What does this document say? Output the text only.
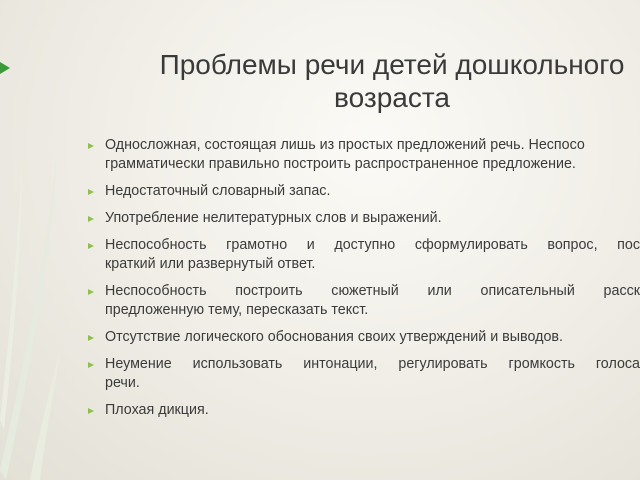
Проблемы речи детей дошкольного
возраста
Односложная, состоящая лишь из простых предложений речь. Неспосо
грамматически правильно построить распространенное предложение.
Недостаточный словарный запас.
Употребление нелитературных слов и выражений.
Неспособность грамотно и доступно сформулировать вопрос, пос
краткий или развернутый ответ.
Неспособность построить сюжетный или описательный расск
предложенную тему, пересказать текст.
Отсутствие логического обоснования своих утверждений и выводов.
Неумение использовать интонации, регулировать громкость голоса
речи.
Плохая дикция.
